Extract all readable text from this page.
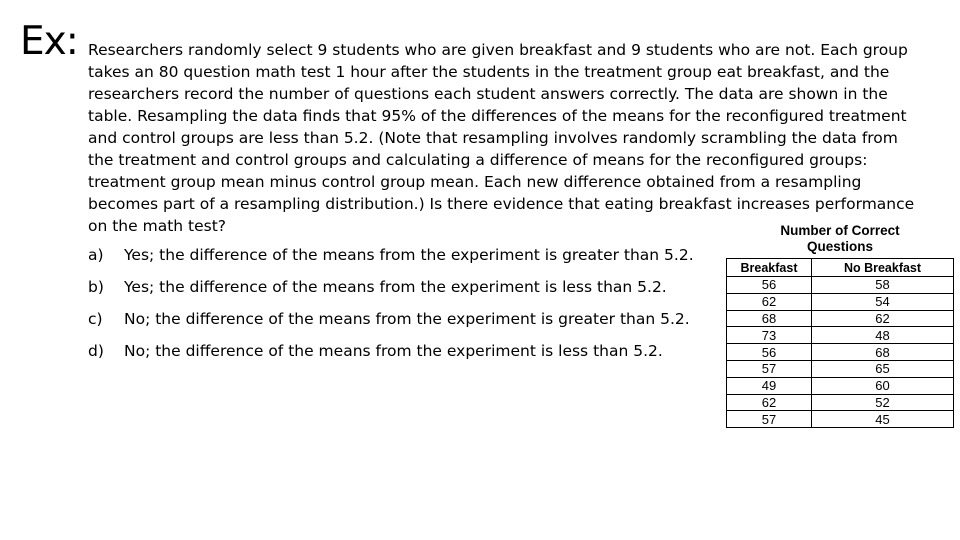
Ex: Researchers randomly select 9 students who are given breakfast and 9 students who are not. Each group takes an 80 question math test 1 hour after the students in the treatment group eat breakfast, and the researchers record the number of questions each student answers correctly. The data are shown in the table. Resampling the data finds that 95% of the differences of the means for the reconfigured treatment and control groups are less than 5.2. (Note that resampling involves randomly scrambling the data from the treatment and control groups and calculating a difference of means for the reconfigured groups: treatment group mean minus control group mean. Each new difference obtained from a resampling becomes part of a resampling distribution.) Is there evidence that eating breakfast increases performance on the math test?

a) Yes; the difference of the means from the experiment is greater than 5.2.
b) Yes; the difference of the means from the experiment is less than 5.2.
c) No; the difference of the means from the experiment is greater than 5.2.
d) No; the difference of the means from the experiment is less than 5.2.
Number of Correct
Questions
Breakfast	No Breakfast
56	58
62	54
68	62
73	48
56	68
57	65
49	60
62	52
57	45
